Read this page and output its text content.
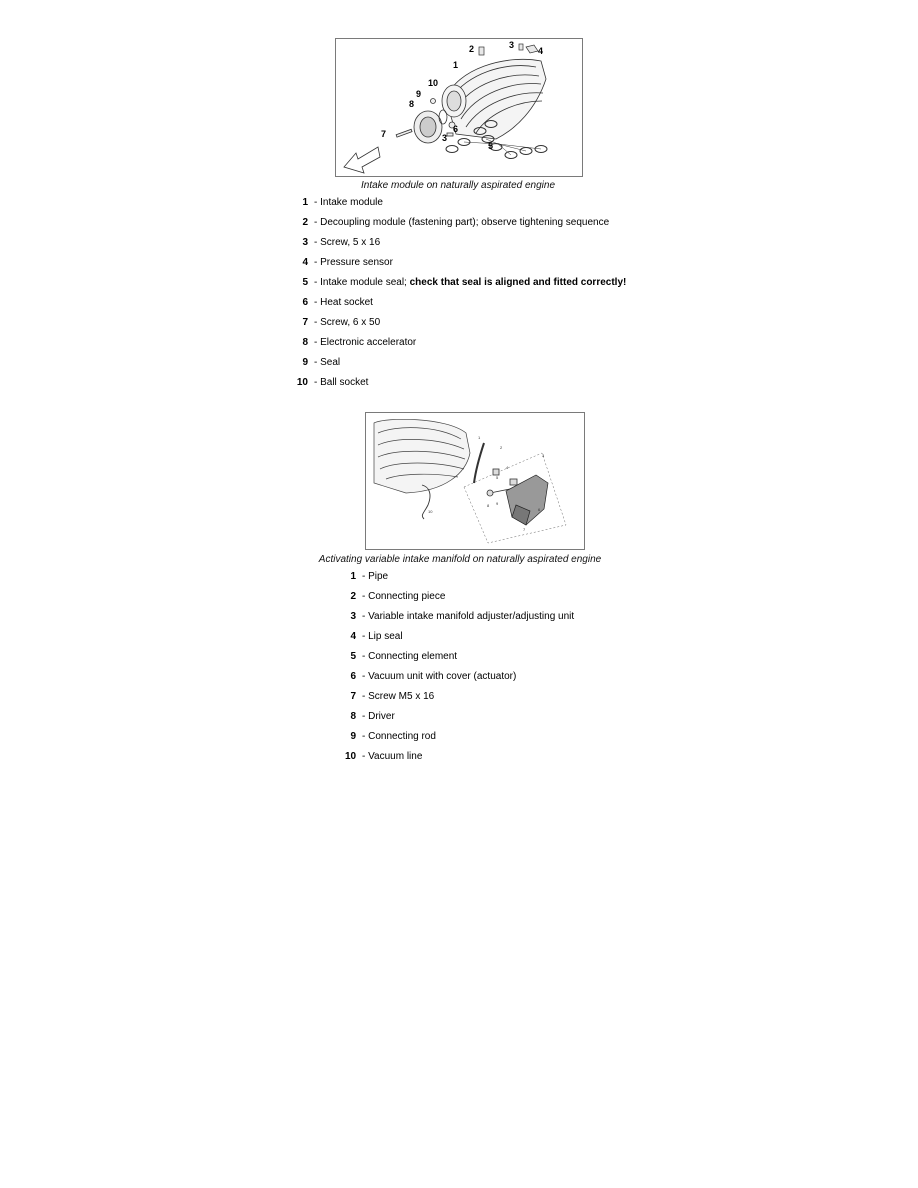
2	3
4
1
10
9
8
7	6
3
5
Intake module on naturally aspirated engine
1 - Intake module
2 - Decoupling module (fastening part); observe tightening sequence
3 - Screw, 5 x 16
4 - Pressure sensor
5 - Intake module seal; check that seal is aligned and fitted correctly!
6 - Heat socket
7 - Screw, 6 x 50
8 - Electronic accelerator
9 - Seal
10 - Ball socket
1
2
3
4
5
6
7
8 9
10
Activating variable intake manifold on naturally aspirated engine
1 - Pipe
2 - Connecting piece
3 - Variable intake manifold adjuster/adjusting unit
4 - Lip seal
5 - Connecting element
6 - Vacuum unit with cover (actuator)
7 - Screw M5 x 16
8 - Driver
9 - Connecting rod
10 - Vacuum line
